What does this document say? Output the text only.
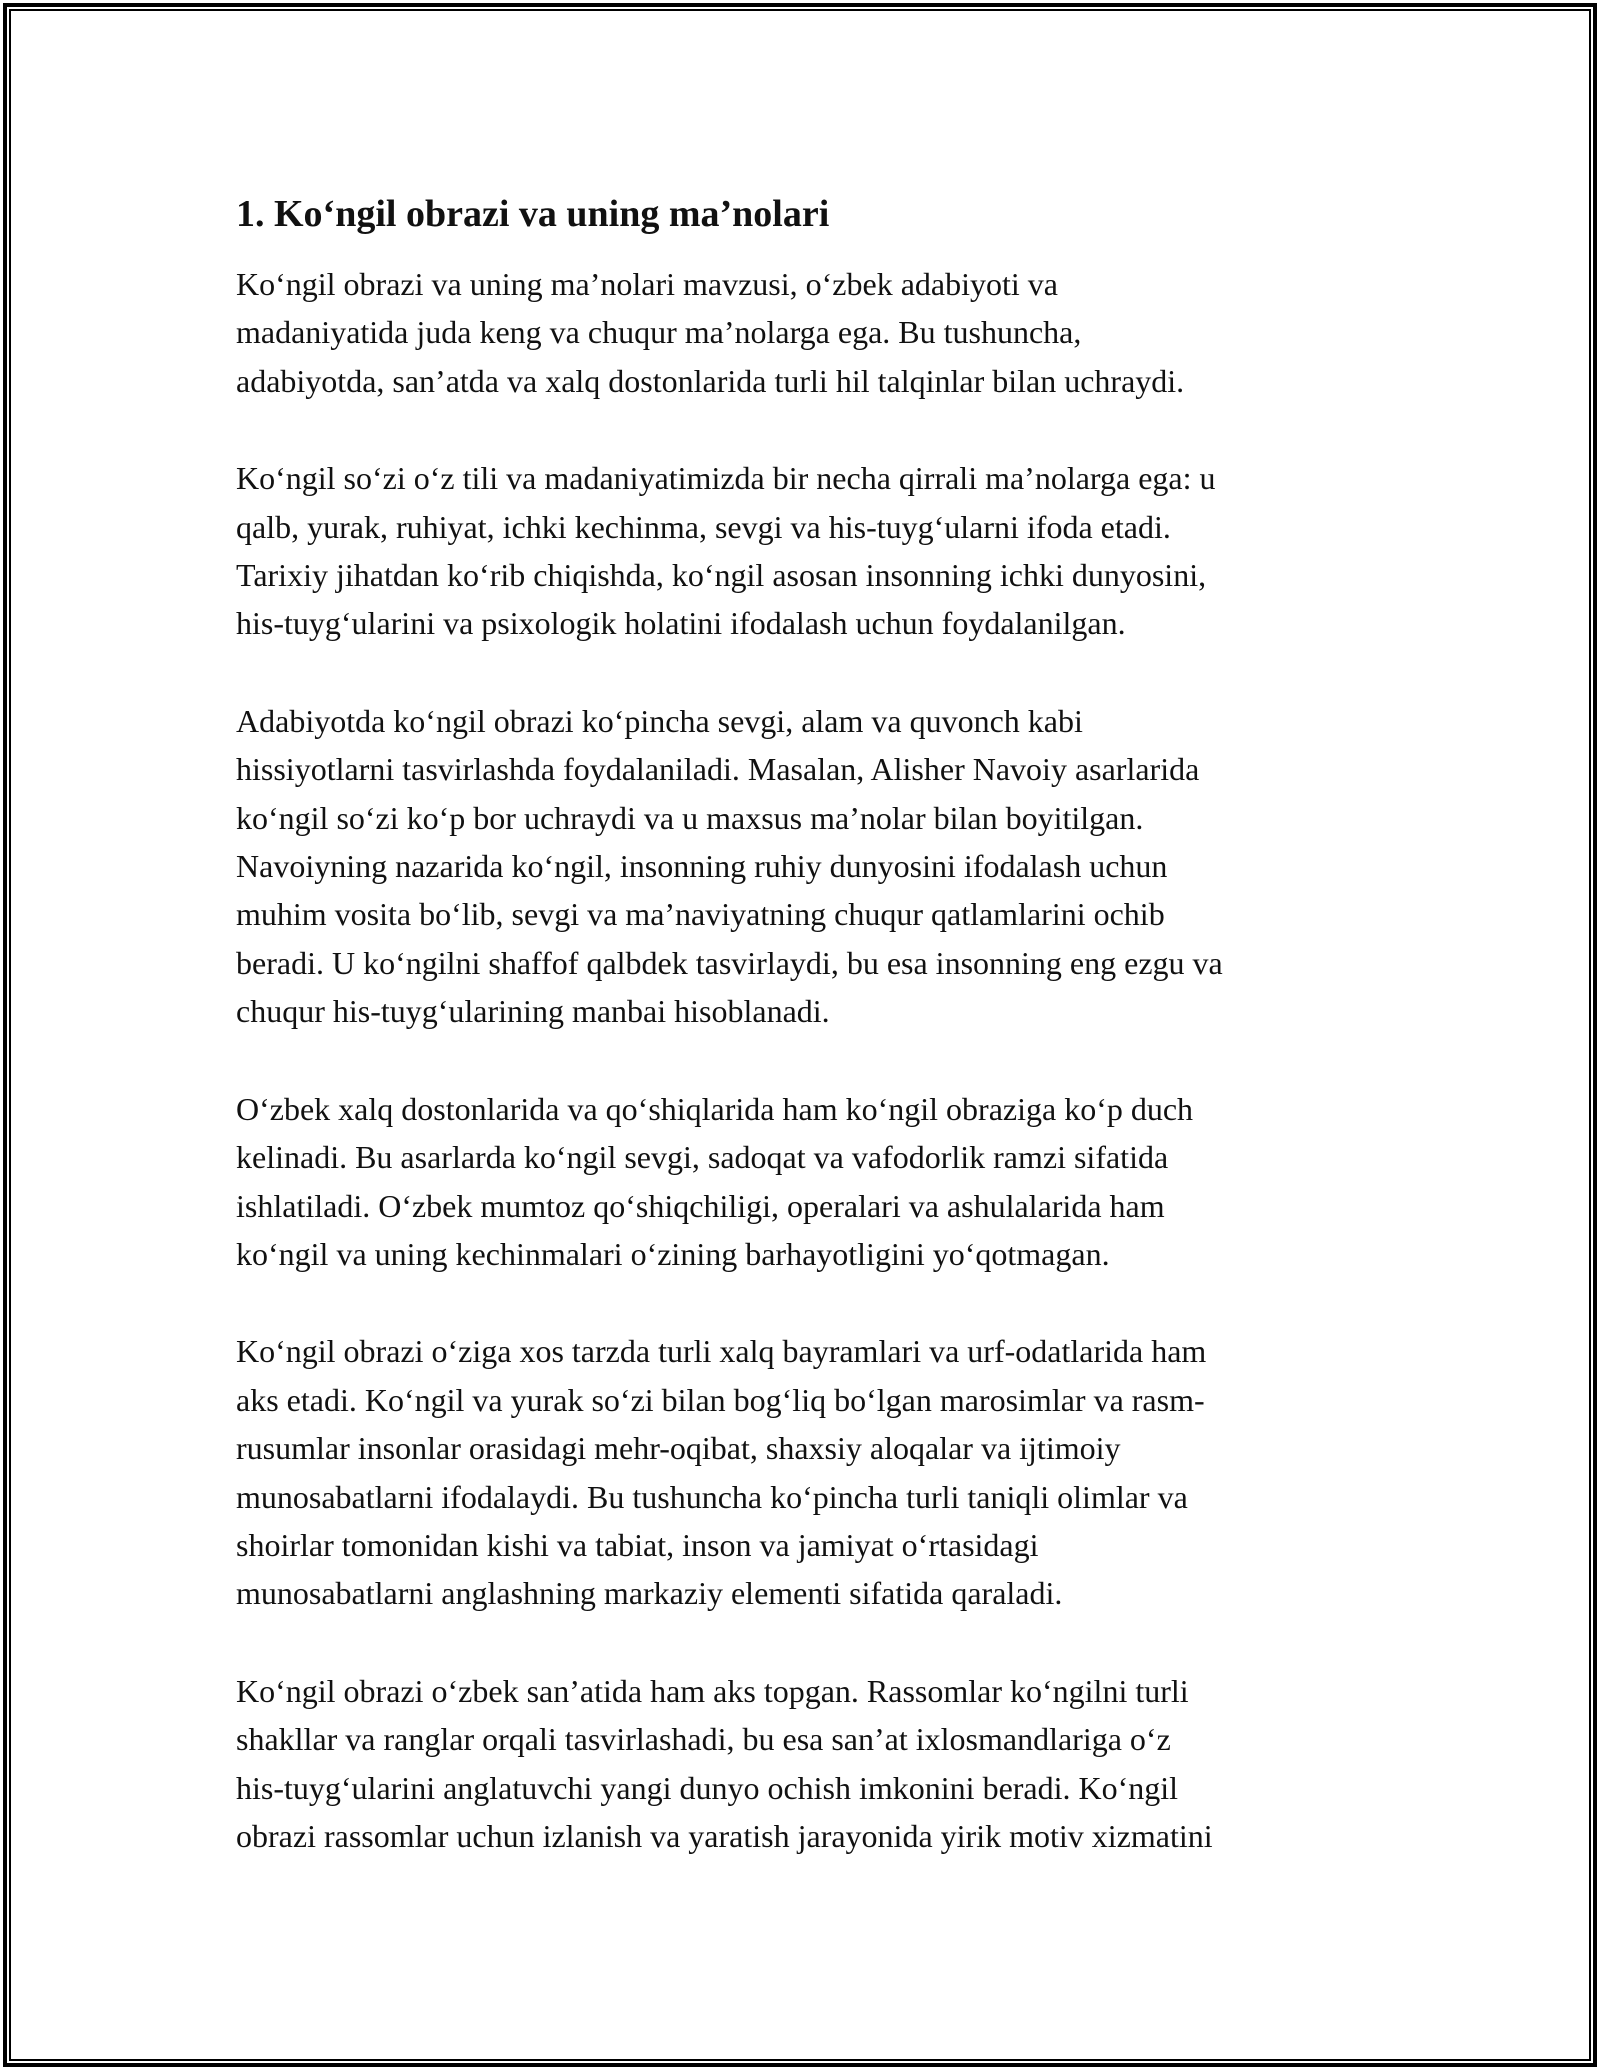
1. Ko‘ngil obrazi va uning ma’nolari

Ko‘ngil obrazi va uning ma’nolari mavzusi, o‘zbek adabiyoti va
madaniyatida juda keng va chuqur ma’nolarga ega. Bu tushuncha,
adabiyotda, san’atda va xalq dostonlarida turli hil talqinlar bilan uchraydi.

Ko‘ngil so‘zi o‘z tili va madaniyatimizda bir necha qirrali ma’nolarga ega: u
qalb, yurak, ruhiyat, ichki kechinma, sevgi va his-tuyg‘ularni ifoda etadi.
Tarixiy jihatdan ko‘rib chiqishda, ko‘ngil asosan insonning ichki dunyosini,
his-tuyg‘ularini va psixologik holatini ifodalash uchun foydalanilgan.

Adabiyotda ko‘ngil obrazi ko‘pincha sevgi, alam va quvonch kabi
hissiyotlarni tasvirlashda foydalaniladi. Masalan, Alisher Navoiy asarlarida
ko‘ngil so‘zi ko‘p bor uchraydi va u maxsus ma’nolar bilan boyitilgan.
Navoiyning nazarida ko‘ngil, insonning ruhiy dunyosini ifodalash uchun
muhim vosita bo‘lib, sevgi va ma’naviyatning chuqur qatlamlarini ochib
beradi. U ko‘ngilni shaffof qalbdek tasvirlaydi, bu esa insonning eng ezgu va
chuqur his-tuyg‘ularining manbai hisoblanadi.

O‘zbek xalq dostonlarida va qo‘shiqlarida ham ko‘ngil obraziga ko‘p duch
kelinadi. Bu asarlarda ko‘ngil sevgi, sadoqat va vafodorlik ramzi sifatida
ishlatiladi. O‘zbek mumtoz qo‘shiqchiligi, operalari va ashulalarida ham
ko‘ngil va uning kechinmalari o‘zining barhayotligini yo‘qotmagan.

Ko‘ngil obrazi o‘ziga xos tarzda turli xalq bayramlari va urf-odatlarida ham
aks etadi. Ko‘ngil va yurak so‘zi bilan bog‘liq bo‘lgan marosimlar va rasm-
rusumlar insonlar orasidagi mehr-oqibat, shaxsiy aloqalar va ijtimoiy
munosabatlarni ifodalaydi. Bu tushuncha ko‘pincha turli taniqli olimlar va
shoirlar tomonidan kishi va tabiat, inson va jamiyat o‘rtasidagi
munosabatlarni anglashning markaziy elementi sifatida qaraladi.

Ko‘ngil obrazi o‘zbek san’atida ham aks topgan. Rassomlar ko‘ngilni turli
shakllar va ranglar orqali tasvirlashadi, bu esa san’at ixlosmandlariga o‘z
his-tuyg‘ularini anglatuvchi yangi dunyo ochish imkonini beradi. Ko‘ngil
obrazi rassomlar uchun izlanish va yaratish jarayonida yirik motiv xizmatini
